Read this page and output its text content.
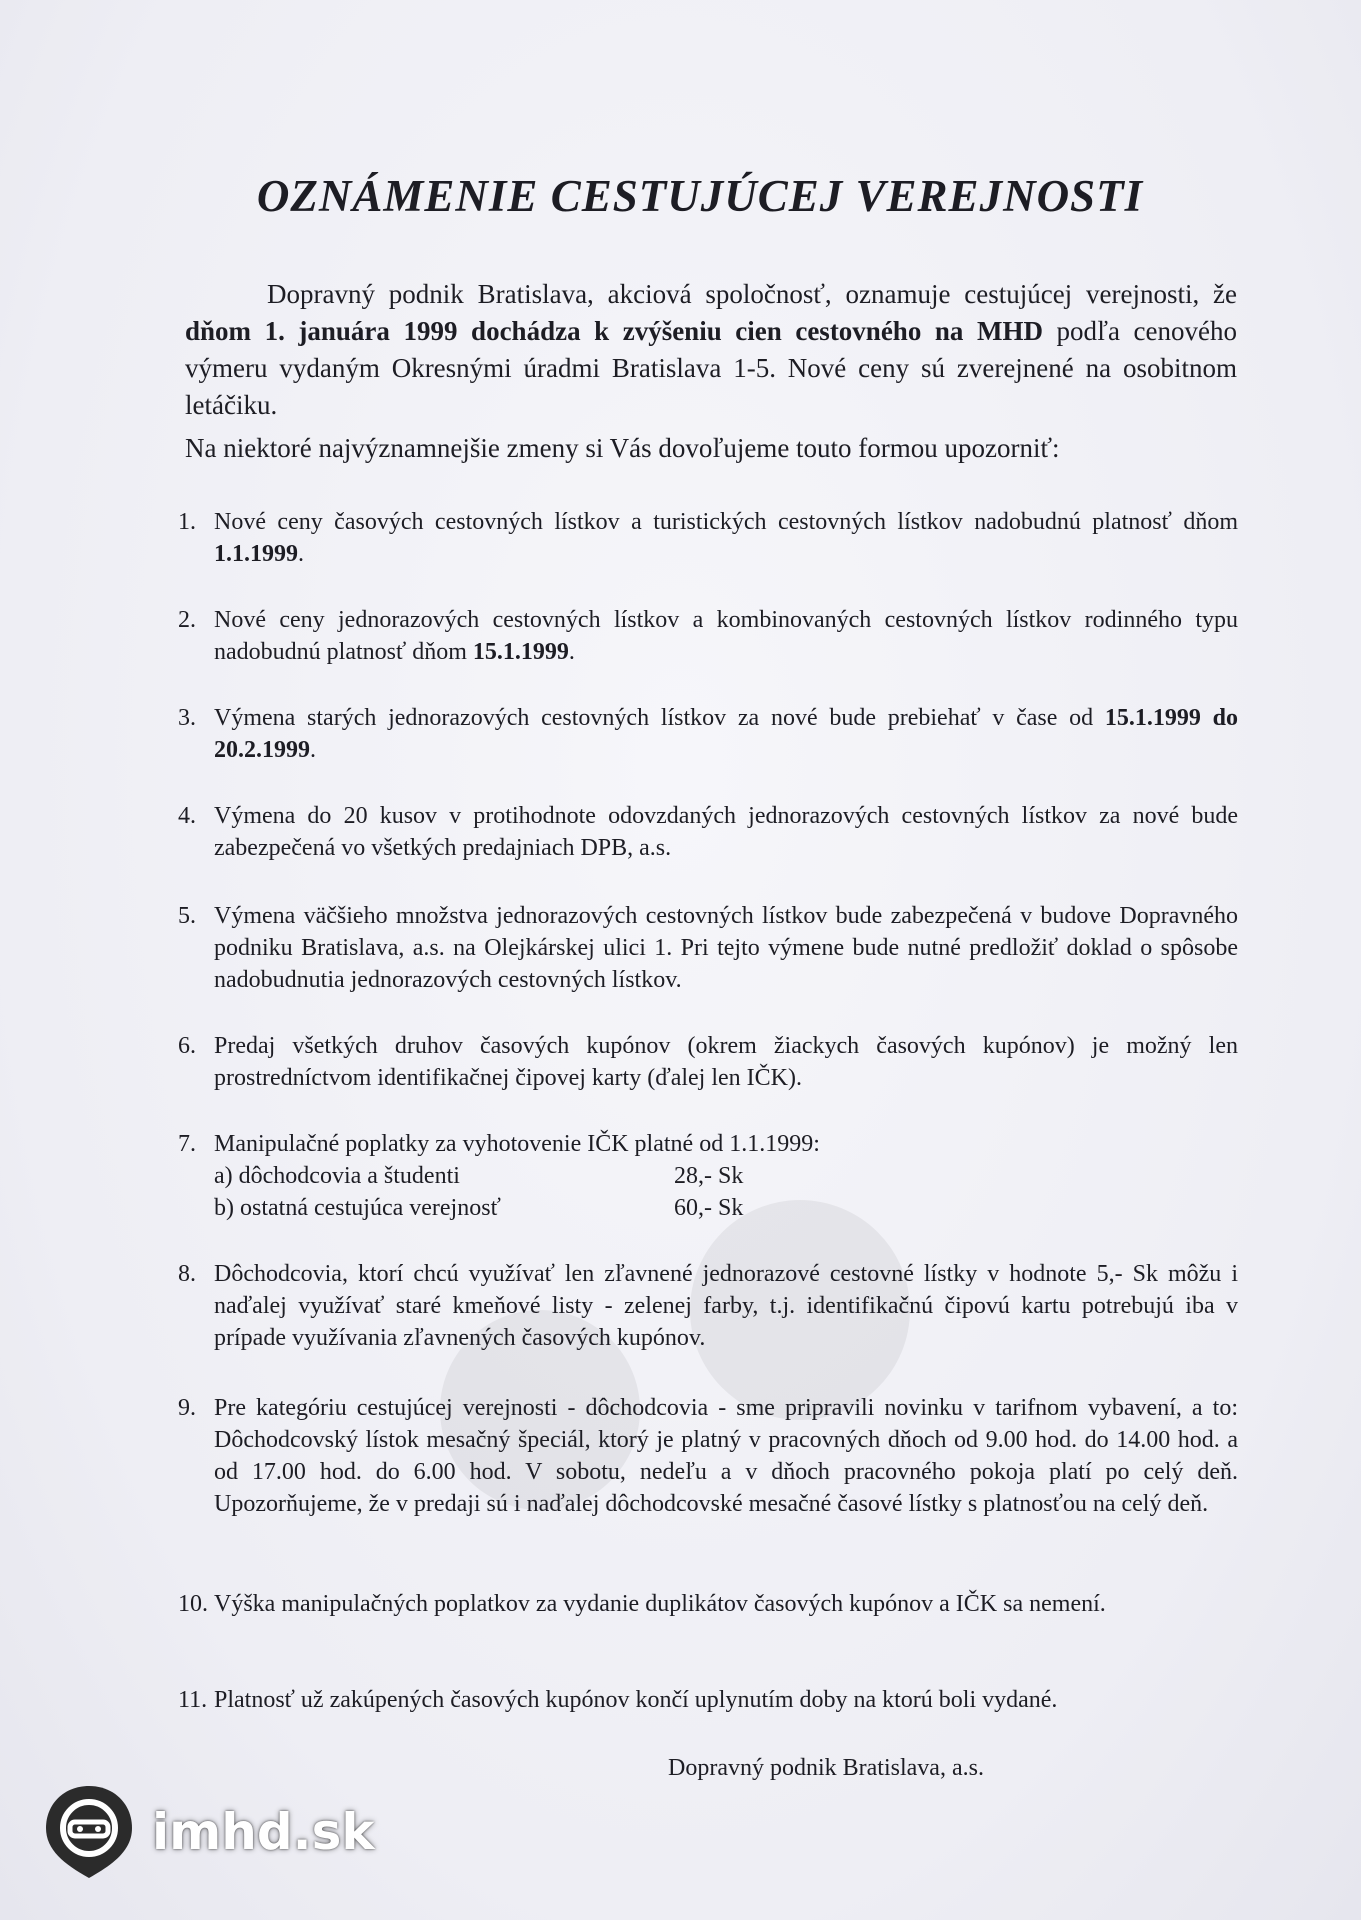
OZNÁMENIE CESTUJÚCEJ VEREJNOSTI

Dopravný podnik Bratislava, akciová spoločnosť, oznamuje cestujúcej verejnosti, že dňom 1. januára 1999 dochádza k zvýšeniu cien cestovného na MHD podľa cenového výmeru vydaným Okresnými úradmi Bratislava 1-5. Nové ceny sú zverejnené na osobitnom letáčiku.

Na niektoré najvýznamnejšie zmeny si Vás dovoľujeme touto formou upozorniť:

1. Nové ceny časových cestovných lístkov a turistických cestovných lístkov nadobudnú platnosť dňom 1.1.1999.
2. Nové ceny jednorazových cestovných lístkov a kombinovaných cestovných lístkov rodinného typu nadobudnú platnosť dňom 15.1.1999.
3. Výmena starých jednorazových cestovných lístkov za nové bude prebiehať v čase od 15.1.1999 do 20.2.1999.
4. Výmena do 20 kusov v protihodnote odovzdaných jednorazových cestovných lístkov za nové bude zabezpečená vo všetkých predajniach DPB, a.s.
5. Výmena väčšieho množstva jednorazových cestovných lístkov bude zabezpečená v budove Dopravného podniku Bratislava, a.s. na Olejkárskej ulici 1. Pri tejto výmene bude nutné predložiť doklad o spôsobe nadobudnutia jednorazových cestovných lístkov.
6. Predaj všetkých druhov časových kupónov (okrem žiackych časových kupónov) je možný len prostredníctvom identifikačnej čipovej karty (ďalej len IČK).
7. Manipulačné poplatky za vyhotovenie IČK platné od 1.1.1999:
a) dôchodcovia a študenti	28,- Sk
b) ostatná cestujúca verejnosť	60,- Sk
8. Dôchodcovia, ktorí chcú využívať len zľavnené jednorazové cestovné lístky v hodnote 5,- Sk môžu i naďalej využívať staré kmeňové listy - zelenej farby, t.j. identifikačnú čipovú kartu potrebujú iba v prípade využívania zľavnených časových kupónov.
9. Pre kategóriu cestujúcej verejnosti - dôchodcovia - sme pripravili novinku v tarifnom vybavení, a to: Dôchodcovský lístok mesačný špeciál, ktorý je platný v pracovných dňoch od 9.00 hod. do 14.00 hod. a od 17.00 hod. do 6.00 hod. V sobotu, nedeľu a v dňoch pracovného pokoja platí po celý deň. Upozorňujeme, že v predaji sú i naďalej dôchodcovské mesačné časové lístky s platnosťou na celý deň.
10. Výška manipulačných poplatkov za vydanie duplikátov časových kupónov a IČK sa nemení.
11. Platnosť už zakúpených časových kupónov končí uplynutím doby na ktorú boli vydané.

Dopravný podnik Bratislava, a.s.

imhd.sk
